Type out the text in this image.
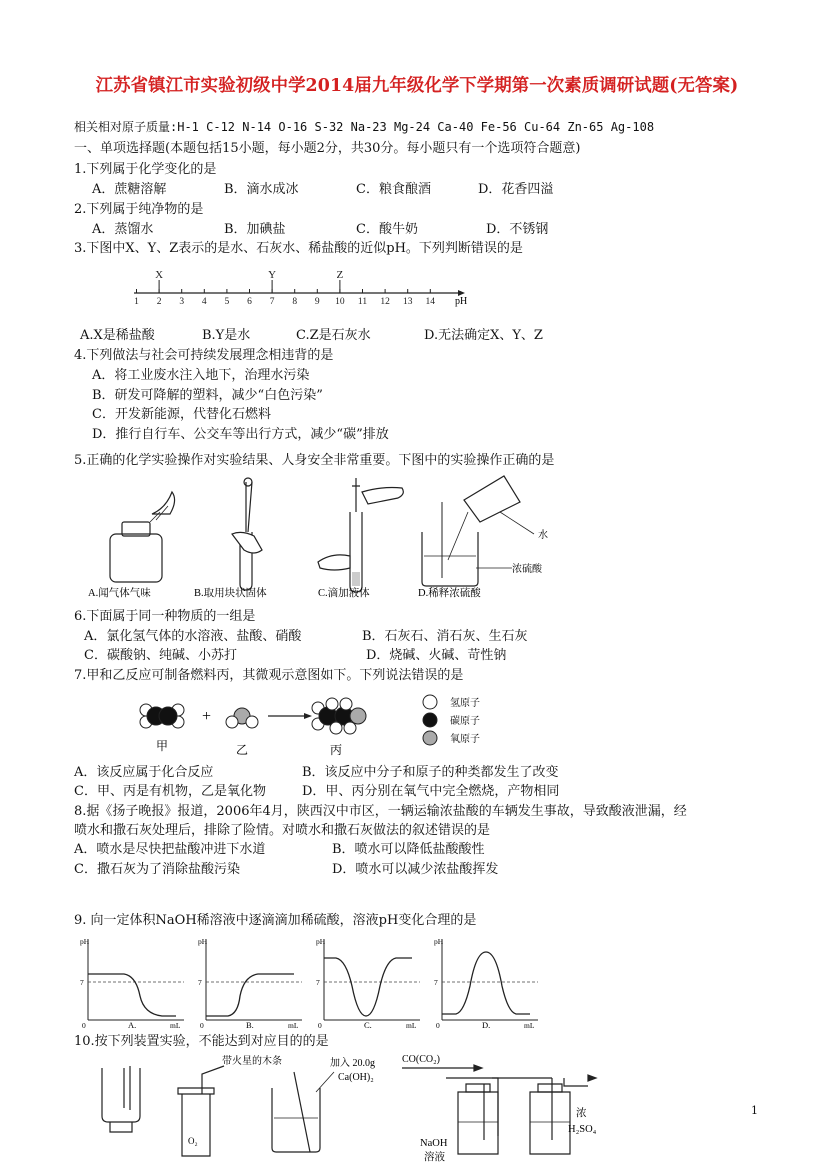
江苏省镇江市实验初级中学2014届九年级化学下学期第一次素质调研试题(无答案)
相关相对原子质量:H-1 C-12 N-14 O-16 S-32 Na-23 Mg-24 Ca-40 Fe-56 Cu-64 Zn-65 Ag-108
一、单项选择题(本题包括15小题，每小题2分，共30分。每小题只有一个选项符合题意)
1.下列属于化学变化的是
A．蔗糖溶解	B．滴水成冰	C．粮食酿酒	D．花香四溢
2.下列属于纯净物的是
A．蒸馏水	B．加碘盐	C．酸牛奶	D．不锈钢
3.下图中X、Y、Z表示的是水、石灰水、稀盐酸的近似pH。下列判断错误的是
1 2 3 4 5 6 7 8 9 10 11 12 13 14 pH
X	Y	Z
A.X是稀盐酸	B.Y是水	C.Z是石灰水	D.无法确定X、Y、Z
4.下列做法与社会可持续发展理念相违背的是
A．将工业废水注入地下，治理水污染
B．研发可降解的塑料，减少“白色污染”
C．开发新能源，代替化石燃料
D．推行自行车、公交车等出行方式，减少“碳”排放
5.正确的化学实验操作对实验结果、人身安全非常重要。下图中的实验操作正确的是
水
浓硫酸
A.闻气体气味	B.取用块状固体	C.滴加液体	D.稀释浓硫酸
6.下面属于同一种物质的一组是
A．氯化氢气体的水溶液、盐酸、硝酸	B．石灰石、消石灰、生石灰
C．碳酸钠、纯碱、小苏打	D．烧碱、火碱、苛性钠
7.甲和乙反应可制备燃料丙，其微观示意图如下。下列说法错误的是
+
甲	乙	丙
氢原子
碳原子
氧原子
A．该反应属于化合反应	B．该反应中分子和原子的种类都发生了改变
C．甲、丙是有机物，乙是氧化物	D．甲、丙分别在氧气中完全燃烧，产物相同
8.据《扬子晚报》报道，2006年4月，陕西汉中市区，一辆运输浓盐酸的车辆发生事故，导致酸液泄漏，经
喷水和撒石灰处理后，排除了险情。对喷水和撒石灰做法的叙述错误的是
A．喷水是尽快把盐酸冲进下水道	B．喷水可以降低盐酸酸性
C．撒石灰为了消除盐酸污染	D．喷水可以减少浓盐酸挥发
9. 向一定体积NaOH稀溶液中逐滴滴加稀硫酸，溶液pH变化合理的是
pH
7
0	mL
A.
pH
7
0	mL
B.
pH
7
0	mL
C.
pH
7
0	mL
D.
10.按下列装置实验，不能达到对应目的的是
O₂
带火星的木条	加入 20.0g
Ca(OH)₂
CO(CO₂)
NaOH
溶液
浓
H₂SO₄
1
